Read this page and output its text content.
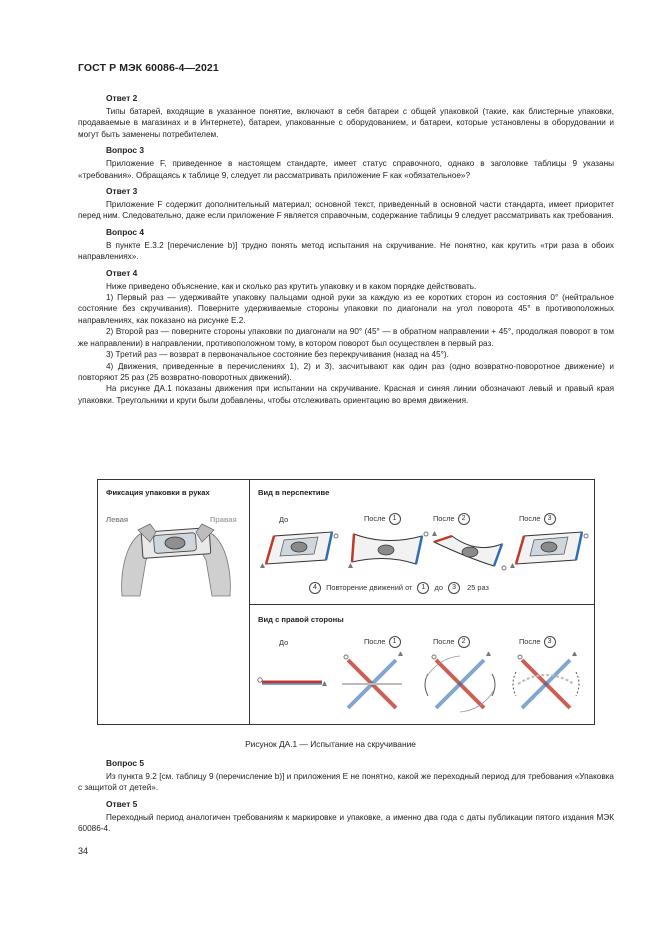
ГОСТ Р МЭК 60086-4—2021
Ответ 2

Типы батарей, входящие в указанное понятие, включают в себя батареи с общей упаковкой (такие, как блистерные упаковки, продаваемые в магазинах и в Интернете), батареи, упакованные с оборудованием, и батареи, которые установлены в оборудовании и могут быть заменены потребителем.

Вопрос 3

Приложение F, приведенное в настоящем стандарте, имеет статус справочного, однако в заголовке таблицы 9 указаны «требования». Обращаясь к таблице 9, следует ли рассматривать приложение F как «обязательное»?

Ответ 3

Приложение F содержит дополнительный материал; основной текст, приведенный в основной части стандарта, имеет приоритет перед ним. Следовательно, даже если приложение F является справочным, содержание таблицы 9 следует рассматривать как требования.

Вопрос 4

В пункте Е.3.2 [перечисление b)] трудно понять метод испытания на скручивание. Не понятно, как крутить «три раза в обоих направлениях».

Ответ 4

Ниже приведено объяснение, как и сколько раз крутить упаковку и в каком порядке действовать.

1) Первый раз — удерживайте упаковку пальцами одной руки за каждую из ее коротких сторон из состояния 0° (нейтральное состояние без скручивания). Поверните удерживаемые стороны упаковки по диагонали на угол поворота 45° в противоположных направлениях, как показано на рисунке Е.2.

2) Второй раз — поверните стороны упаковки по диагонали на 90° (45° — в обратном направлении + 45°, продолжая поворот в том же направлении) в направлении, противоположном тому, в котором поворот был осуществлен в первый раз.

3) Третий раз — возврат в первоначальное состояние без перекручивания (назад на 45°).

4) Движения, приведенные в перечислениях 1), 2) и 3), засчитывают как один раз (одно возвратно-поворотное движение) и повторяют 25 раз (25 возвратно-поворотных движений).

На рисунке ДА.1 показаны движения при испытании на скручивание. Красная и синяя линии обозначают левый и правый края упаковки. Треугольники и круги были добавлены, чтобы отслеживать ориентацию во время движения.

Фиксация упаковки в руках
Левая	Правая
Вид в перспективе
До	После 1	После 2	После 3
4 Повторение движений от 1 до 3 25 раз
Вид с правой стороны
До	После 1	После 2	После 3
Рисунок ДА.1 — Испытание на скручивание
Вопрос 5

Из пункта 9.2 [см. таблицу 9 (перечисление b)] и приложения Е не понятно, какой же переходный период для требования «Упаковка с защитой от детей».

Ответ 5

Переходный период аналогичен требованиям к маркировке и упаковке, а именно два года с даты публикации пятого издания МЭК 60086-4.

34
